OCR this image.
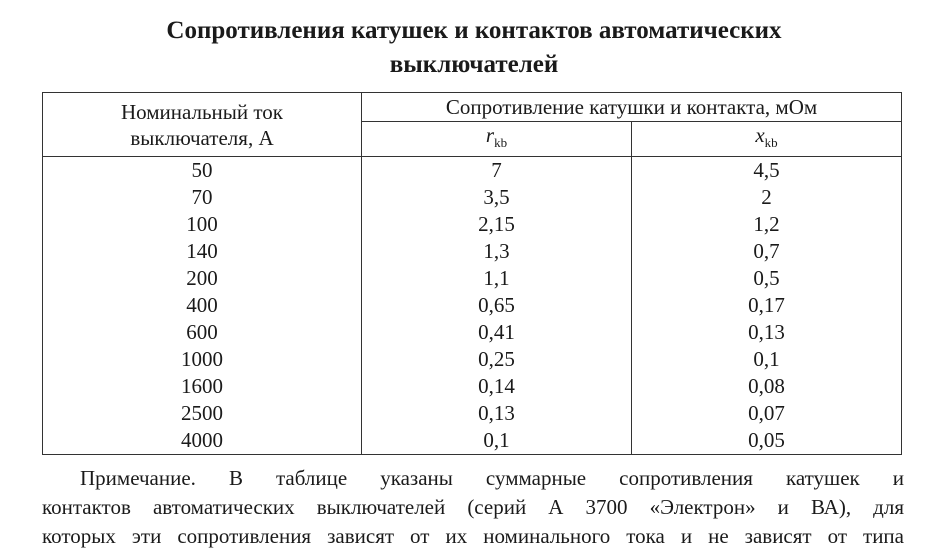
Сопротивления катушек и контактов автоматических
выключателей
Номинальный ток
выключателя, А	Сопротивление катушки и контакта, мОм	
	$r_{kb}$	$x_{kb}$
50	7	4,5
70	3,5	2
100	2,15	1,2
140	1,3	0,7
200	1,1	0,5
400	0,65	0,17
600	0,41	0,13
1000	0,25	0,1
1600	0,14	0,08
2500	0,13	0,07
4000	0,1	0,05
Примечание. В таблице указаны суммарные сопротивления катушек и
контактов автоматических выключателей (серий А 3700 «Электрон» и ВА), для
которых эти сопротивления зависят от их номинального тока и не зависят от типа
